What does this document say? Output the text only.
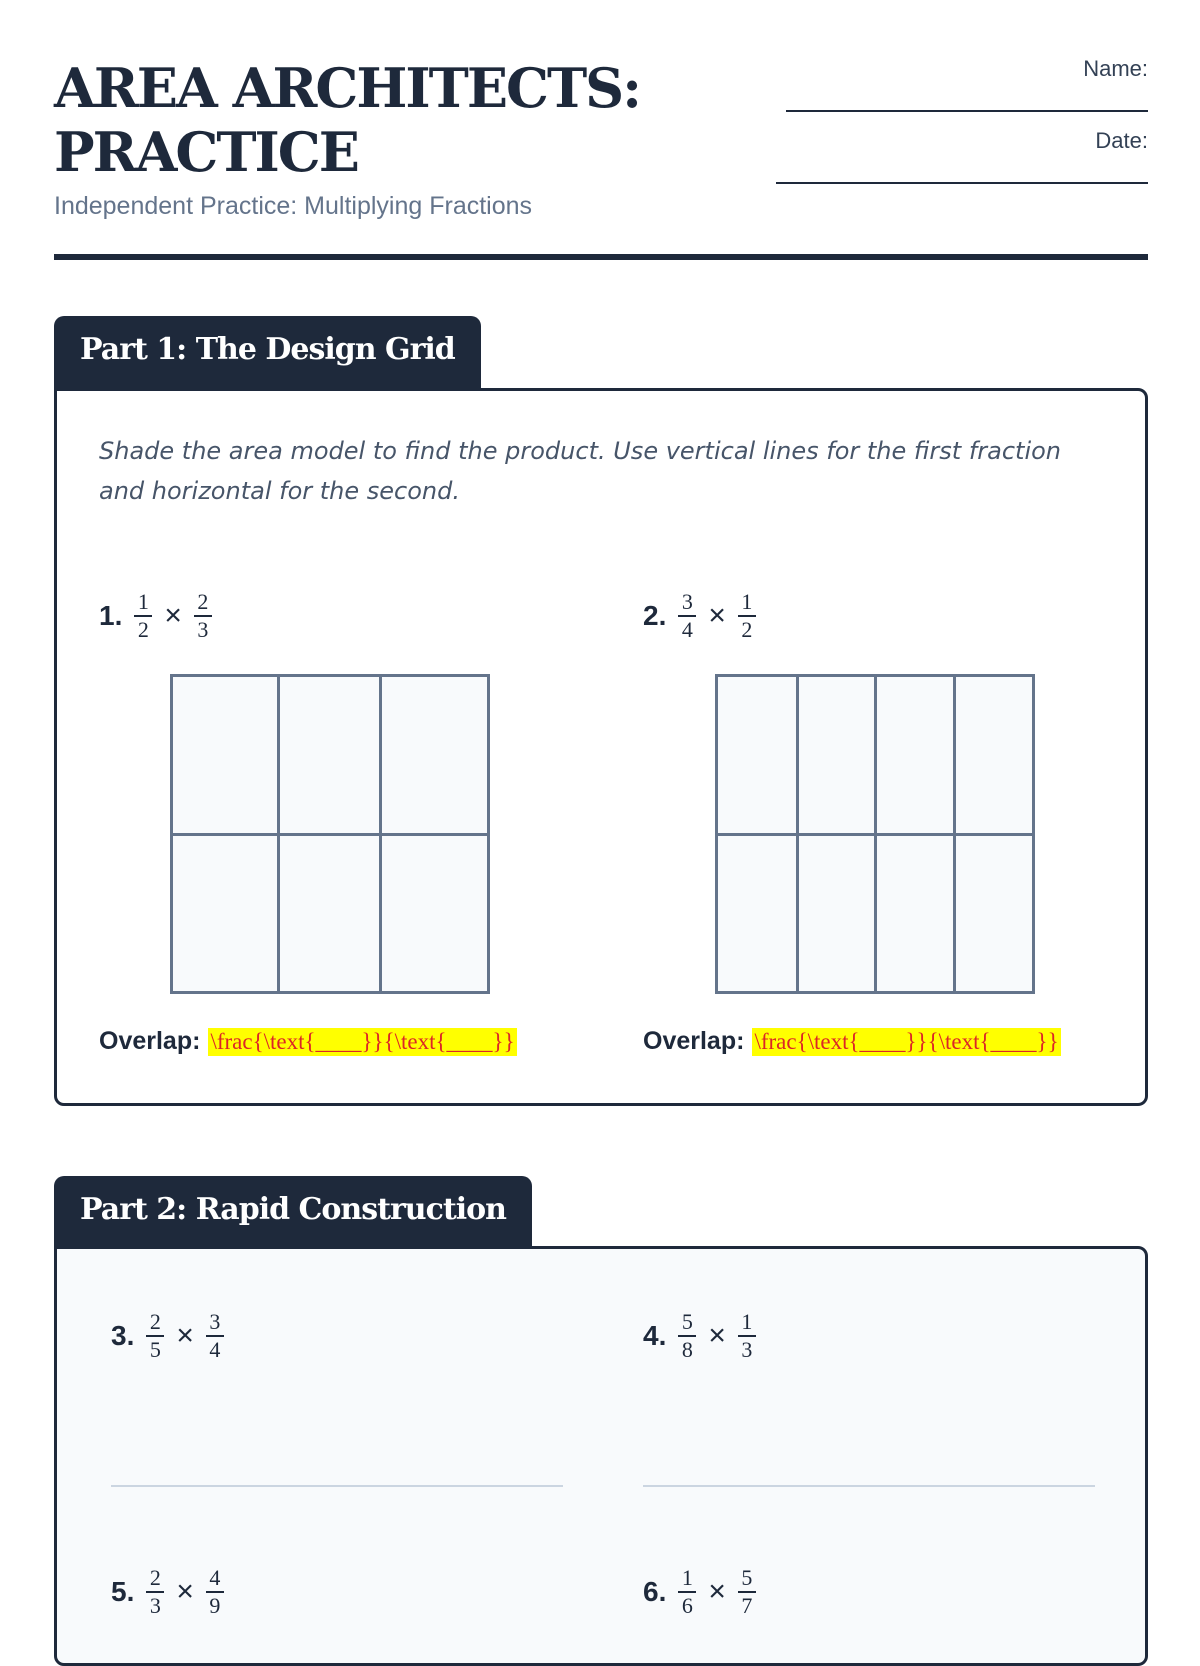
AREA ARCHITECTS: PRACTICE
Independent Practice: Multiplying Fractions
Name:
Date:
Part 1: The Design Grid
Shade the area model to find the product. Use vertical lines for the first fraction and horizontal for the second.
1. $\frac{1}{2} \times \frac{2}{3}$
Overlap: \frac{\text{____}}{\text{____}}
2. $\frac{3}{4} \times \frac{1}{2}$
Overlap: \frac{\text{____}}{\text{____}}
Part 2: Rapid Construction
3. $\frac{2}{5} \times \frac{3}{4}$	4. $\frac{5}{8} \times \frac{1}{3}$
5. $\frac{2}{3} \times \frac{4}{9}$	6. $\frac{1}{6} \times \frac{5}{7}$
